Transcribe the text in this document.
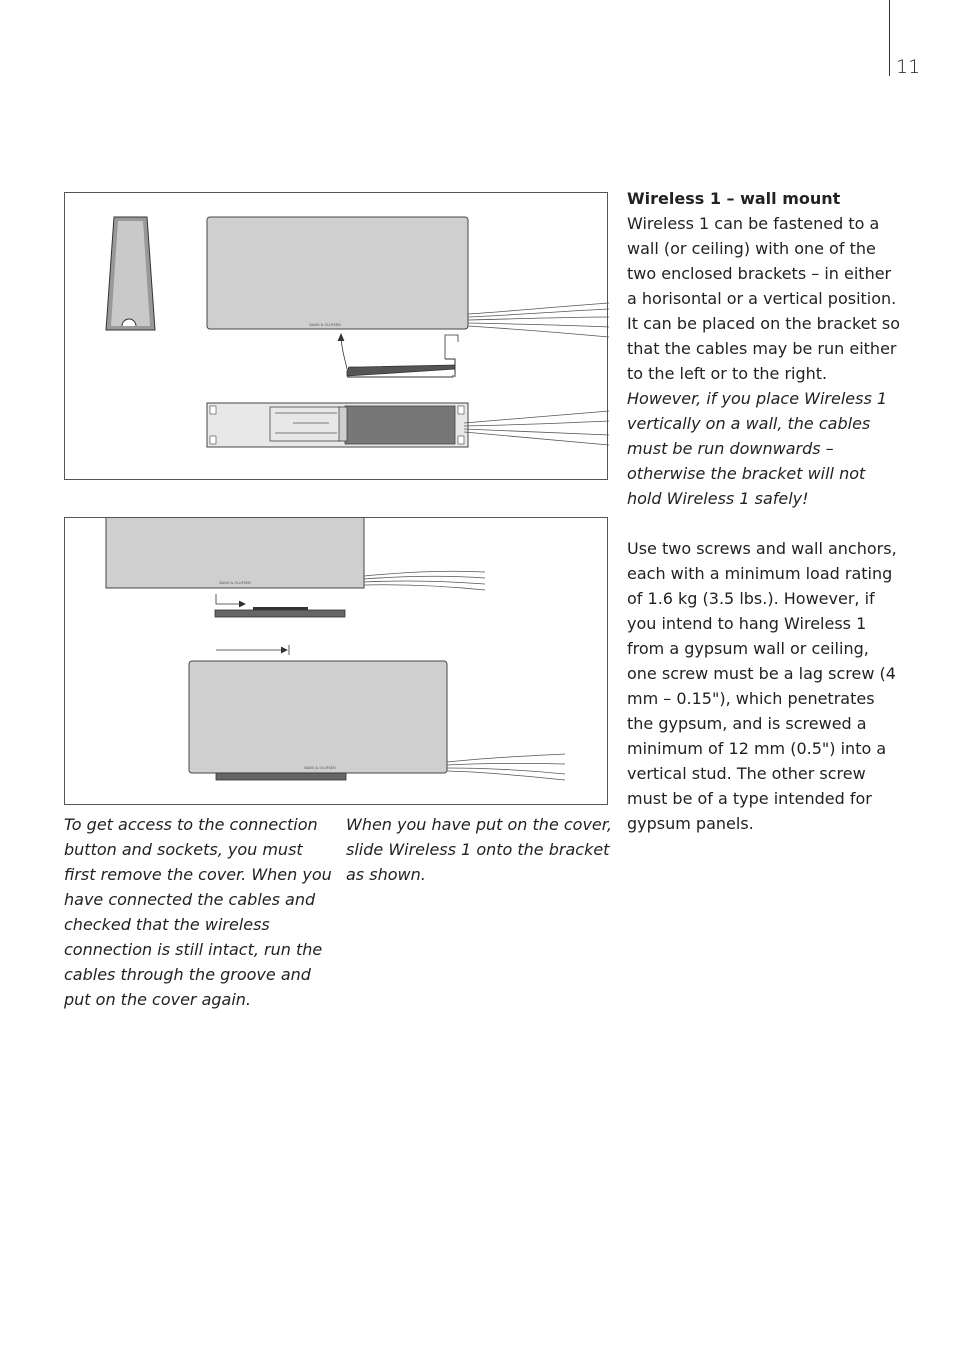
11
BANG & OLUFSEN
BANG & OLUFSEN
BANG & OLUFSEN

To get access to the connection button and sockets, you must first remove the cover. When you have connected the cables and checked that the wireless connection is still intact, run the cables through the groove and put on the cover again.

When you have put on the cover, slide Wireless 1 onto the bracket as shown.

Wireless 1 – wall mount

Wireless 1 can be fastened to a wall (or ceiling) with one of the two enclosed brackets – in either a horisontal or a vertical position. It can be placed on the bracket so that the cables may be run either to the left or to the right. However, if you place Wireless 1 vertically on a wall, the cables must be run downwards – otherwise the bracket will not hold Wireless 1 safely!

Use two screws and wall anchors, each with a minimum load rating of 1.6 kg (3.5 lbs.). However, if you intend to hang Wireless 1 from a gypsum wall or ceiling, one screw must be a lag screw (4 mm – 0.15"), which penetrates the gypsum, and is screwed a minimum of 12 mm (0.5") into a vertical stud. The other screw must be of a type intended for gypsum panels.
